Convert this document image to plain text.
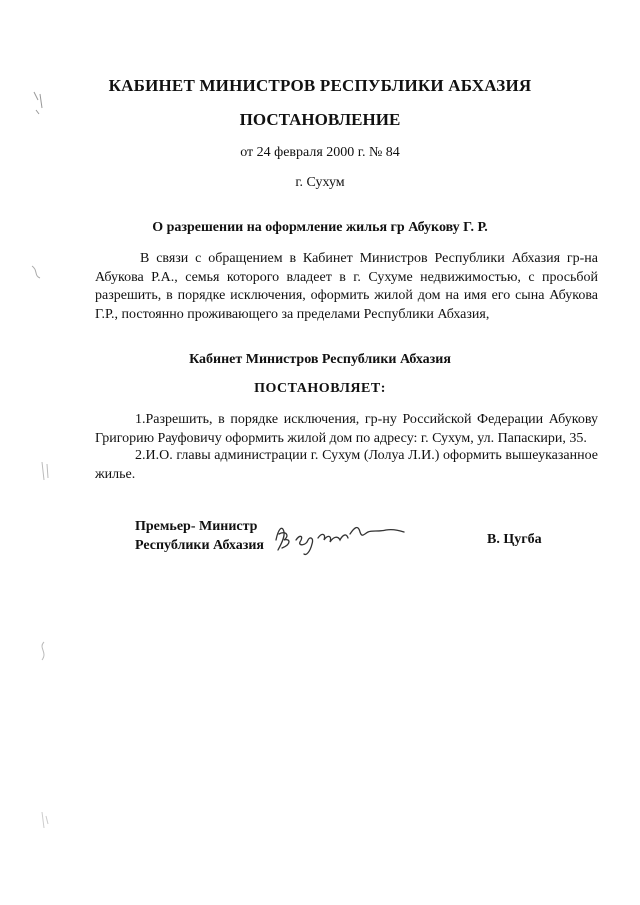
КАБИНЕТ МИНИСТРОВ РЕСПУБЛИКИ АБХАЗИЯ
ПОСТАНОВЛЕНИЕ
от 24 февраля 2000 г. № 84
г. Сухум
О разрешении на оформление жилья гр Абукову Г. Р.
В связи с обращением в Кабинет Министров Республики Абхазия гр-на Абукова Р.А., семья которого владеет в г. Сухуме недвижимостью, с просьбой разрешить, в порядке исключения, оформить жилой дом на имя его сына Абукова Г.Р., постоянно проживающего за пределами Республики Абхазия,
Кабинет Министров Республики Абхазия
ПОСТАНОВЛЯЕТ:
1.Разрешить, в порядке исключения, гр-ну Российской Федерации Абукову Григорию Рауфовичу оформить жилой дом по адресу: г. Сухум, ул. Папаскири, 35.
2.И.О. главы администрации г. Сухум (Лолуа Л.И.) оформить вышеуказанное жилье.
Премьер- Министр
Республики Абхазия	В. Цугба
